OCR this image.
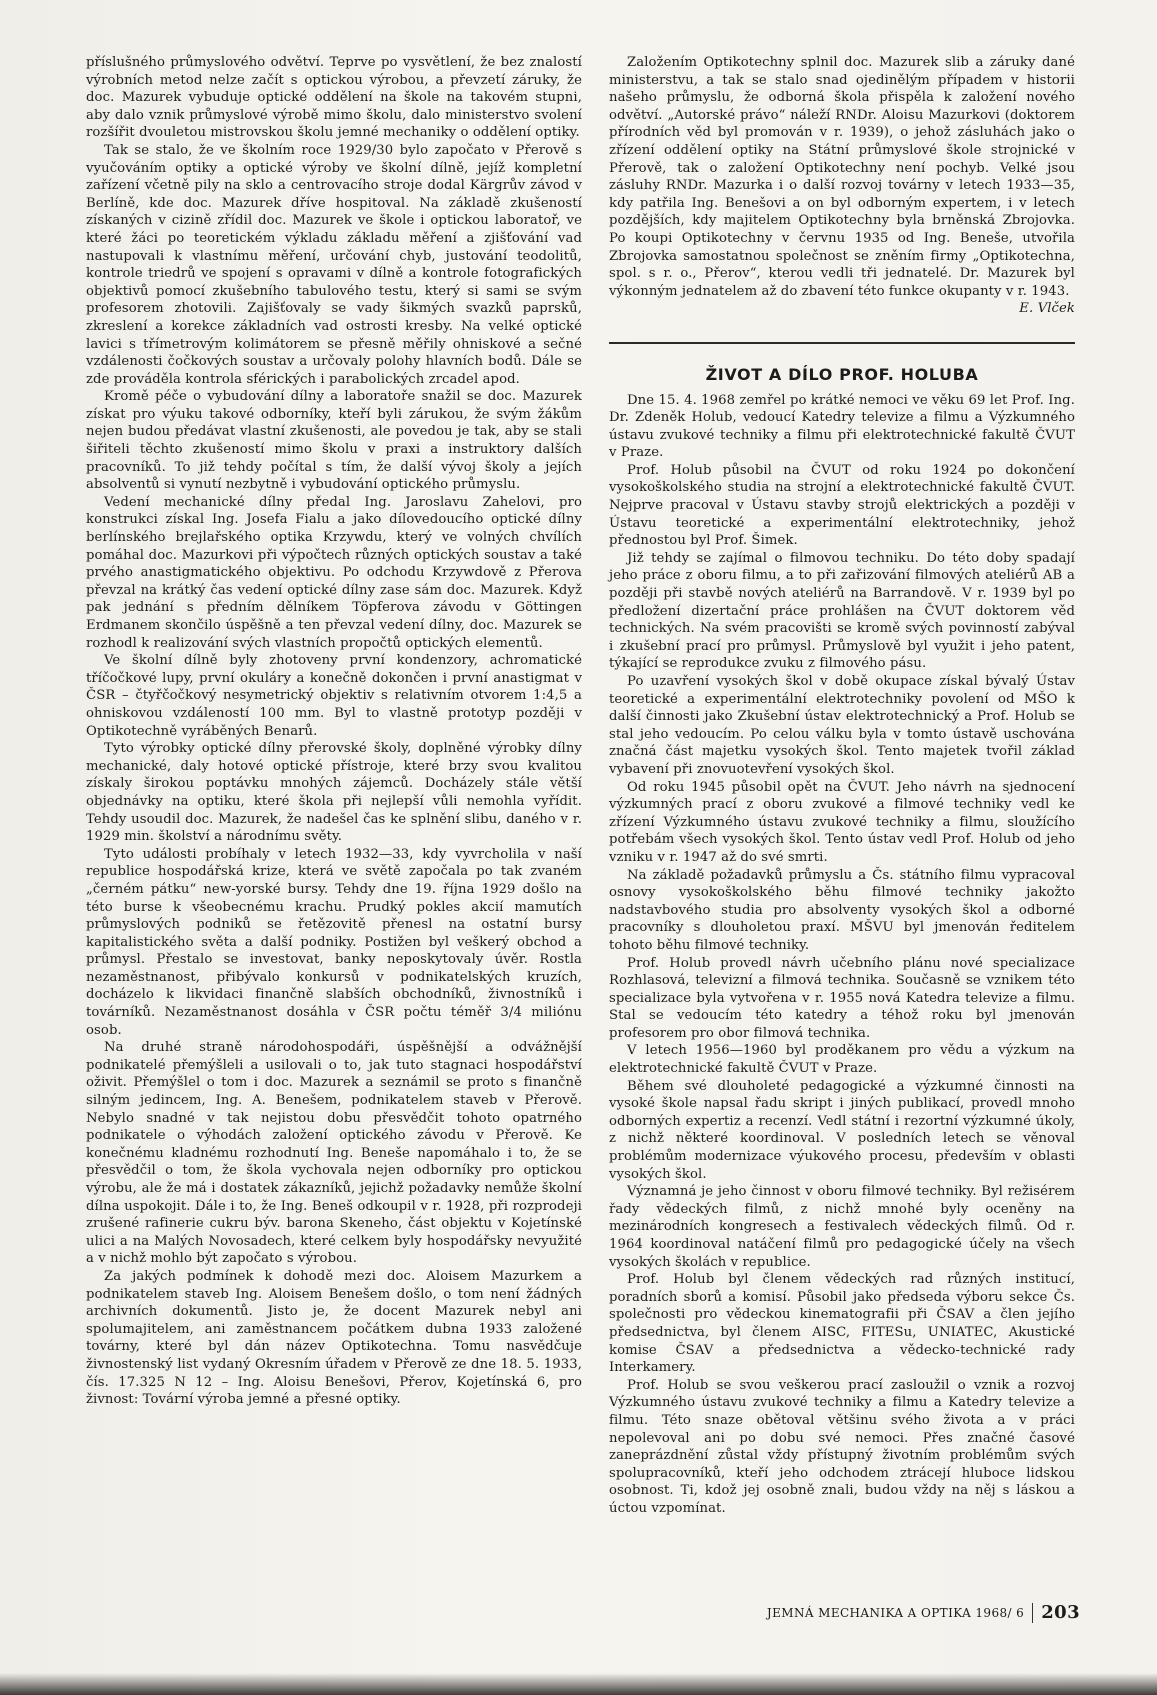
příslušného průmyslového odvětví. Teprve po vysvětlení, že bez znalostí výrobních metod nelze začít s optickou výrobou, a převzetí záruky, že doc. Mazurek vybuduje optické oddělení na škole na takovém stupni, aby dalo vznik průmyslové výrobě mimo školu, dalo ministerstvo svolení rozšířit dvouletou mistrovskou školu jemné mechaniky o oddělení optiky.

Tak se stalo, že ve školním roce 1929/30 bylo započato v Přerově s vyučováním optiky a optické výroby ve školní dílně, jejíž kompletní zařízení včetně pily na sklo a centrovacího stroje dodal Kärgrův závod v Berlíně, kde doc. Mazurek dříve hospitoval. Na základě zkušeností získaných v cizině zřídil doc. Mazurek ve škole i optickou laboratoř, ve které žáci po teoretickém výkladu základu měření a zjišťování vad nastupovali k vlastnímu měření, určování chyb, justování teodolitů, kontrole triedrů ve spojení s opravami v dílně a kontrole fotografických objektivů pomocí zkušebního tabulového testu, který si sami se svým profesorem zhotovili. Zajišťovaly se vady šikmých svazků paprsků, zkreslení a korekce základních vad ostrosti kresby. Na velké optické lavici s třímetrovým kolimátorem se přesně měřily ohniskové a sečné vzdálenosti čočkových soustav a určovaly polohy hlavních bodů. Dále se zde prováděla kontrola sférických i parabolických zrcadel apod.

Kromě péče o vybudování dílny a laboratoře snažil se doc. Mazurek získat pro výuku takové odborníky, kteří byli zárukou, že svým žákům nejen budou předávat vlastní zkušenosti, ale povedou je tak, aby se stali šiřiteli těchto zkušeností mimo školu v praxi a instruktory dalších pracovníků. To již tehdy počítal s tím, že další vývoj školy a jejích absolventů si vynutí nezbytně i vybudování optického průmyslu.

Vedení mechanické dílny předal Ing. Jaroslavu Zahelovi, pro konstrukci získal Ing. Josefa Fialu a jako dílovedoucího optické dílny berlínského brejlařského optika Krzywdu, který ve volných chvílích pomáhal doc. Mazurkovi při výpočtech různých optických soustav a také prvého anastigmatického objektivu. Po odchodu Krzywdově z Přerova převzal na krátký čas vedení optické dílny zase sám doc. Mazurek. Když pak jednání s předním dělníkem Töpferova závodu v Göttingen Erdmanem skončilo úspěšně a ten převzal vedení dílny, doc. Mazurek se rozhodl k realizování svých vlastních propočtů optických elementů.

Ve školní dílně byly zhotoveny první kondenzory, achromatické tříčočkové lupy, první okuláry a konečně dokončen i první anastigmat v ČSR – čtyřčočkový nesymetrický objektiv s relativním otvorem 1:4,5 a ohniskovou vzdáleností 100 mm. Byl to vlastně prototyp později v Optikotechně vyráběných Benarů.

Tyto výrobky optické dílny přerovské školy, doplněné výrobky dílny mechanické, daly hotové optické přístroje, které brzy svou kvalitou získaly širokou poptávku mnohých zájemců. Docházely stále větší objednávky na optiku, které škola při nejlepší vůli nemohla vyřídit. Tehdy usoudil doc. Mazurek, že nadešel čas ke splnění slibu, daného v r. 1929 min. školství a národnímu světy.

Tyto události probíhaly v letech 1932—33, kdy vyvrcholila v naší republice hospodářská krize, která ve světě započala po tak zvaném „černém pátku“ new-yorské bursy. Tehdy dne 19. října 1929 došlo na této burse k všeobecnému krachu. Prudký pokles akcií mamutích průmyslových podniků se řetězovitě přenesl na ostatní bursy kapitalistického světa a další podniky. Postižen byl veškerý obchod a průmysl. Přestalo se investovat, banky neposkytovaly úvěr. Rostla nezaměstnanost, přibývalo konkursů v podnikatelských kruzích, docházelo k likvidaci finančně slabších obchodníků, živnostníků i továrníků. Nezaměstnanost dosáhla v ČSR počtu téměř 3/4 miliónu osob.

Na druhé straně národohospodáři, úspěšnější a odvážnější podnikatelé přemýšleli a usilovali o to, jak tuto stagnaci hospodářství oživit. Přemýšlel o tom i doc. Mazurek a seznámil se proto s finančně silným jedincem, Ing. A. Benešem, podnikatelem staveb v Přerově. Nebylo snadné v tak nejistou dobu přesvědčit tohoto opatrného podnikatele o výhodách založení optického závodu v Přerově. Ke konečnému kladnému rozhodnutí Ing. Beneše napomáhalo i to, že se přesvědčil o tom, že škola vychovala nejen odborníky pro optickou výrobu, ale že má i dostatek zákazníků, jejichž požadavky nemůže školní dílna uspokojit. Dále i to, že Ing. Beneš odkoupil v r. 1928, při rozprodeji zrušené rafinerie cukru býv. barona Skeneho, část objektu v Kojetínské ulici a na Malých Novosadech, které celkem byly hospodářsky nevyužité a v nichž mohlo být započato s výrobou.

Za jakých podmínek k dohodě mezi doc. Aloisem Mazurkem a podnikatelem staveb Ing. Aloisem Benešem došlo, o tom není žádných archivních dokumentů. Jisto je, že docent Mazurek nebyl ani spolumajitelem, ani zaměstnancem počátkem dubna 1933 založené továrny, které byl dán název Optikotechna. Tomu nasvědčuje živnostenský list vydaný Okresním úřadem v Přerově ze dne 18. 5. 1933, čís. 17.325 N 12 – Ing. Aloisu Benešovi, Přerov, Kojetínská 6, pro živnost: Tovární výroba jemné a přesné optiky.

Založením Optikotechny splnil doc. Mazurek slib a záruky dané ministerstvu, a tak se stalo snad ojedinělým případem v historii našeho průmyslu, že odborná škola přispěla k založení nového odvětví. „Autorské právo“ náleží RNDr. Aloisu Mazurkovi (doktorem přírodních věd byl promován v r. 1939), o jehož zásluhách jako o zřízení oddělení optiky na Státní průmyslové škole strojnické v Přerově, tak o založení Optikotechny není pochyb. Velké jsou zásluhy RNDr. Mazurka i o další rozvoj továrny v letech 1933—35, kdy patřila Ing. Benešovi a on byl odborným expertem, i v letech pozdějších, kdy majitelem Optikotechny byla brněnská Zbrojovka. Po koupi Optikotechny v červnu 1935 od Ing. Beneše, utvořila Zbrojovka samostatnou společnost se zněním firmy „Optikotechna, spol. s r. o., Přerov“, kterou vedli tři jednatelé. Dr. Mazurek byl výkonným jednatelem až do zbavení této funkce okupanty v r. 1943.

E. Vlček

ŽIVOT A DÍLO PROF. HOLUBA

Dne 15. 4. 1968 zemřel po krátké nemoci ve věku 69 let Prof. Ing. Dr. Zdeněk Holub, vedoucí Katedry televize a filmu a Výzkumného ústavu zvukové techniky a filmu při elektrotechnické fakultě ČVUT v Praze.

Prof. Holub působil na ČVUT od roku 1924 po dokončení vysokoškolského studia na strojní a elektrotechnické fakultě ČVUT. Nejprve pracoval v Ústavu stavby strojů elektrických a později v Ústavu teoretické a experimentální elektrotechniky, jehož přednostou byl Prof. Šimek.

Již tehdy se zajímal o filmovou techniku. Do této doby spadají jeho práce z oboru filmu, a to při zařizování filmových ateliérů AB a později při stavbě nových ateliérů na Barrandově. V r. 1939 byl po předložení dizertační práce prohlášen na ČVUT doktorem věd technických. Na svém pracovišti se kromě svých povinností zabýval i zkušební prací pro průmysl. Průmyslově byl využit i jeho patent, týkající se reprodukce zvuku z filmového pásu.

Po uzavření vysokých škol v době okupace získal bývalý Ústav teoretické a experimentální elektrotechniky povolení od MŠO k další činnosti jako Zkušební ústav elektrotechnický a Prof. Holub se stal jeho vedoucím. Po celou válku byla v tomto ústavě uschována značná část majetku vysokých škol. Tento majetek tvořil základ vybavení při znovuotevření vysokých škol.

Od roku 1945 působil opět na ČVUT. Jeho návrh na sjednocení výzkumných prací z oboru zvukové a filmové techniky vedl ke zřízení Výzkumného ústavu zvukové techniky a filmu, sloužícího potřebám všech vysokých škol. Tento ústav vedl Prof. Holub od jeho vzniku v r. 1947 až do své smrti.

Na základě požadavků průmyslu a Čs. státního filmu vypracoval osnovy vysokoškolského běhu filmové techniky jakožto nadstavbového studia pro absolventy vysokých škol a odborné pracovníky s dlouholetou praxí. MŠVU byl jmenován ředitelem tohoto běhu filmové techniky.

Prof. Holub provedl návrh učebního plánu nové specializace Rozhlasová, televizní a filmová technika. Současně se vznikem této specializace byla vytvořena v r. 1955 nová Katedra televize a filmu. Stal se vedoucím této katedry a téhož roku byl jmenován profesorem pro obor filmová technika.

V letech 1956—1960 byl proděkanem pro vědu a výzkum na elektrotechnické fakultě ČVUT v Praze.

Během své dlouholeté pedagogické a výzkumné činnosti na vysoké škole napsal řadu skript i jiných publikací, provedl mnoho odborných expertiz a recenzí. Vedl státní i rezortní výzkumné úkoly, z nichž některé koordinoval. V posledních letech se věnoval problémům modernizace výukového procesu, především v oblasti vysokých škol.

Významná je jeho činnost v oboru filmové techniky. Byl režisérem řady vědeckých filmů, z nichž mnohé byly oceněny na mezinárodních kongresech a festivalech vědeckých filmů. Od r. 1964 koordinoval natáčení filmů pro pedagogické účely na všech vysokých školách v republice.

Prof. Holub byl členem vědeckých rad různých institucí, poradních sborů a komisí. Působil jako předseda výboru sekce Čs. společnosti pro vědeckou kinematografii při ČSAV a člen jejího předsednictva, byl členem AISC, FITESu, UNIATEC, Akustické komise ČSAV a předsednictva a vědecko-technické rady Interkamery.

Prof. Holub se svou veškerou prací zasloužil o vznik a rozvoj Výzkumného ústavu zvukové techniky a filmu a Katedry televize a filmu. Této snaze obětoval většinu svého života a v práci nepolevoval ani po dobu své nemoci. Přes značné časové zaneprázdnění zůstal vždy přístupný životním problémům svých spolupracovníků, kteří jeho odchodem ztrácejí hluboce lidskou osobnost. Ti, kdož jej osobně znali, budou vždy na něj s láskou a úctou vzpomínat.

JEMNÁ MECHANIKA A OPTIKA 1968/ 6 203
